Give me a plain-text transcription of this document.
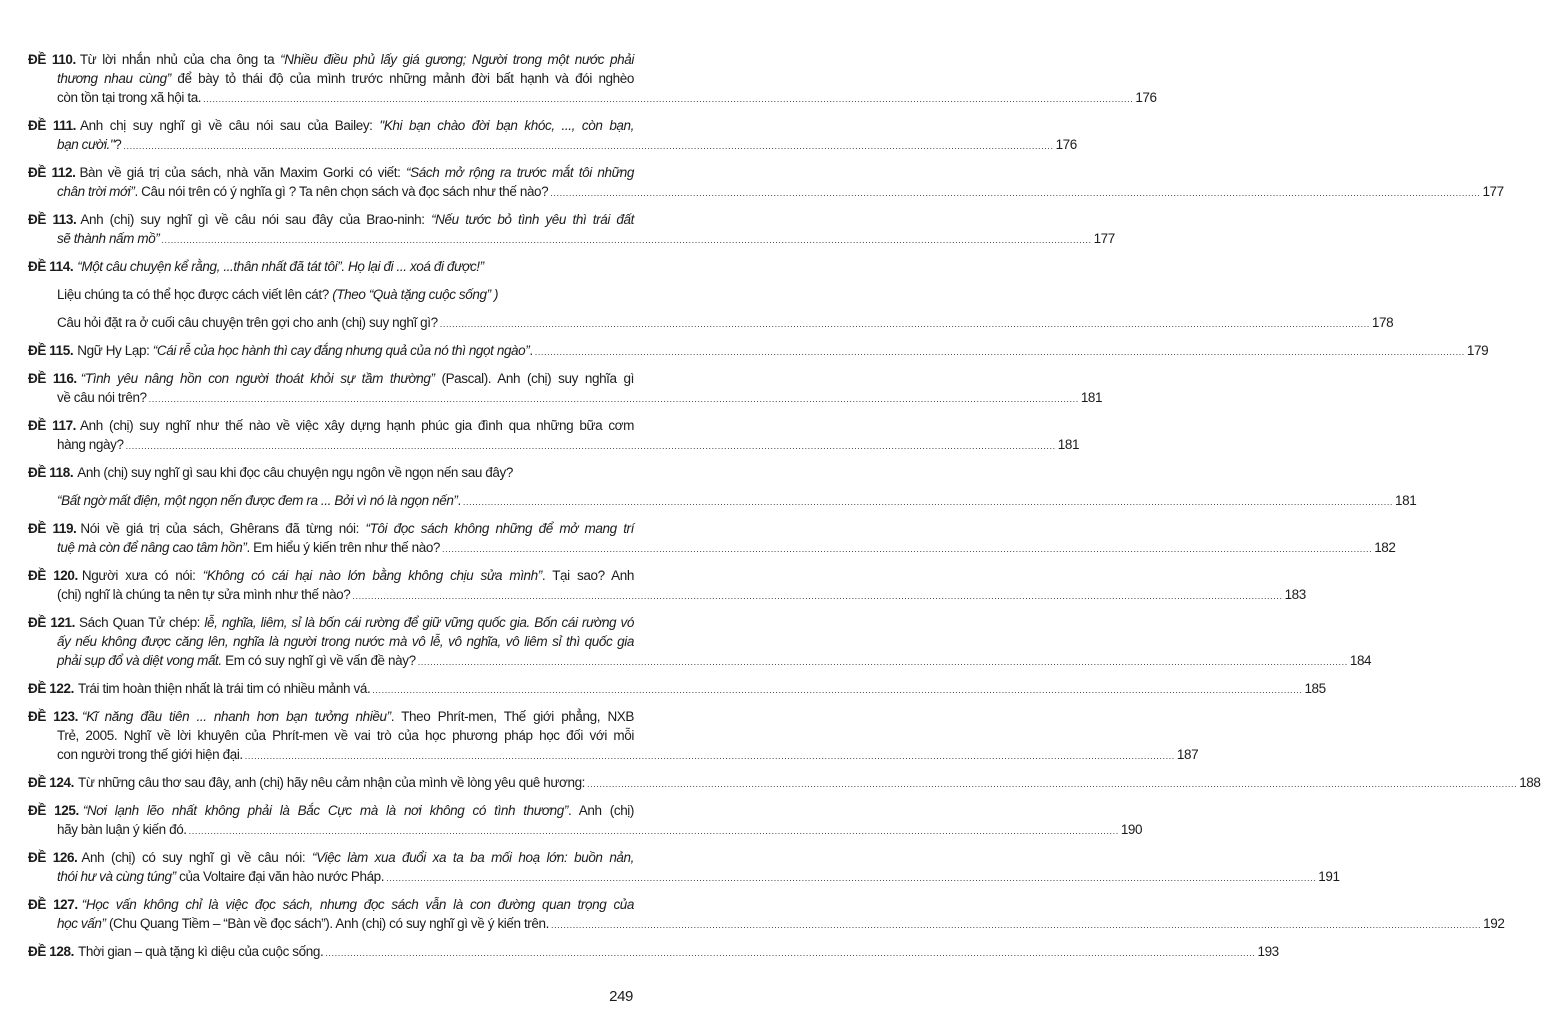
ĐỀ 110. Từ lời nhắn nhủ của cha ông ta “Nhiều điều phủ lấy giá gương; Người trong một nước phải
thương nhau cùng” để bày tỏ thái độ của mình trước những mảnh đời bất hạnh và đói nghèo
còn tồn tại trong xã hội ta. ............................................................................................................................................................................................................................................................................................................ 176
ĐỀ 111. Anh chị suy nghĩ gì về câu nói sau của Bailey: "Khi bạn chào đời bạn khóc, ..., còn bạn,
bạn cười."? ............................................................................................................................................................................................................................................................................................................ 176
ĐỀ 112. Bàn về giá trị của sách, nhà văn Maxim Gorki có viết: “Sách mở rộng ra trước mắt tôi những
chân trời mới”. Câu nói trên có ý nghĩa gì ? Ta nên chọn sách và đọc sách như thế nào? ............................................................................................................................................................................................................................................................................................................ 177
ĐỀ 113. Anh (chị) suy nghĩ gì về câu nói sau đây của Brao-ninh: “Nếu tước bỏ tình yêu thì trái đất
sẽ thành nấm mồ” ............................................................................................................................................................................................................................................................................................................ 177
ĐỀ 114. “Một câu chuyện kể rằng, ...thân nhất đã tát tôi”. Họ lại đi ... xoá đi được!”
Liệu chúng ta có thể học được cách viết lên cát? (Theo “Quà tặng cuộc sống” )
Câu hỏi đặt ra ở cuối câu chuyện trên gợi cho anh (chị) suy nghĩ gì? ............................................................................................................................................................................................................................................................................................................ 178
ĐỀ 115. Ngữ Hy Lạp: “Cái rễ của học hành thì cay đắng nhưng quả của nó thì ngọt ngào”. ............................................................................................................................................................................................................................................................................................................ 179
ĐỀ 116. “Tình yêu nâng hồn con người thoát khỏi sự tầm thường” (Pascal). Anh (chị) suy nghĩa gì
về câu nói trên? ............................................................................................................................................................................................................................................................................................................ 181
ĐỀ 117. Anh (chị) suy nghĩ như thế nào về việc xây dựng hạnh phúc gia đình qua những bữa cơm
hàng ngày? ............................................................................................................................................................................................................................................................................................................ 181
ĐỀ 118. Anh (chị) suy nghĩ gì sau khi đọc câu chuyện ngụ ngôn về ngọn nến sau đây?
“Bất ngờ mất điện, một ngọn nến được đem ra ... Bởi vì nó là ngọn nến”. ............................................................................................................................................................................................................................................................................................................ 181
ĐỀ 119. Nói về giá trị của sách, Ghêrans đã từng nói: “Tôi đọc sách không những để mở mang trí
tuệ mà còn để nâng cao tâm hồn”. Em hiểu ý kiến trên như thế nào? ............................................................................................................................................................................................................................................................................................................ 182
ĐỀ 120. Người xưa có nói: “Không có cái hại nào lớn bằng không chịu sửa mình”. Tại sao? Anh
(chị) nghĩ là chúng ta nên tự sửa mình như thế nào? ............................................................................................................................................................................................................................................................................................................ 183
ĐỀ 121. Sách Quan Tử chép: lễ, nghĩa, liêm, sỉ là bốn cái rường để giữ vững quốc gia. Bốn cái rường vó
ấy nếu không được căng lên, nghĩa là người trong nước mà vô lễ, vô nghĩa, vô liêm sỉ thì quốc gia
phải sụp đổ và diệt vong mất. Em có suy nghĩ gì về vấn đề này? ............................................................................................................................................................................................................................................................................................................ 184
ĐỀ 122. Trái tim hoàn thiện nhất là trái tim có nhiều mảnh vá. ............................................................................................................................................................................................................................................................................................................ 185
ĐỀ 123. “Kĩ năng đầu tiên ... nhanh hơn bạn tưởng nhiều”. Theo Phrít-men, Thế giới phẳng, NXB
Trẻ, 2005. Nghĩ về lời khuyên của Phrít-men về vai trò của học phương pháp học đối với mỗi
con người trong thế giới hiện đại. ............................................................................................................................................................................................................................................................................................................ 187
ĐỀ 124. Từ những câu thơ sau đây, anh (chị) hãy nêu cảm nhận của mình về lòng yêu quê hương: ............................................................................................................................................................................................................................................................................................................ 188
ĐỀ 125. “Nơi lạnh lẽo nhất không phải là Bắc Cực mà là nơi không có tình thương”. Anh (chị)
hãy bàn luận ý kiến đó. ............................................................................................................................................................................................................................................................................................................ 190
ĐỀ 126. Anh (chị) có suy nghĩ gì về câu nói: “Việc làm xua đuổi xa ta ba mối hoạ lớn: buồn nản,
thói hư và cùng túng” của Voltaire đại văn hào nước Pháp. ............................................................................................................................................................................................................................................................................................................ 191
ĐỀ 127. “Học vấn không chỉ là việc đọc sách, nhưng đọc sách vẫn là con đường quan trọng của
học vấn” (Chu Quang Tiềm – “Bàn về đọc sách”). Anh (chị) có suy nghĩ gì về ý kiến trên. ............................................................................................................................................................................................................................................................................................................ 192
ĐỀ 128. Thời gian – quà tặng kì diệu của cuộc sống. ............................................................................................................................................................................................................................................................................................................ 193
249
